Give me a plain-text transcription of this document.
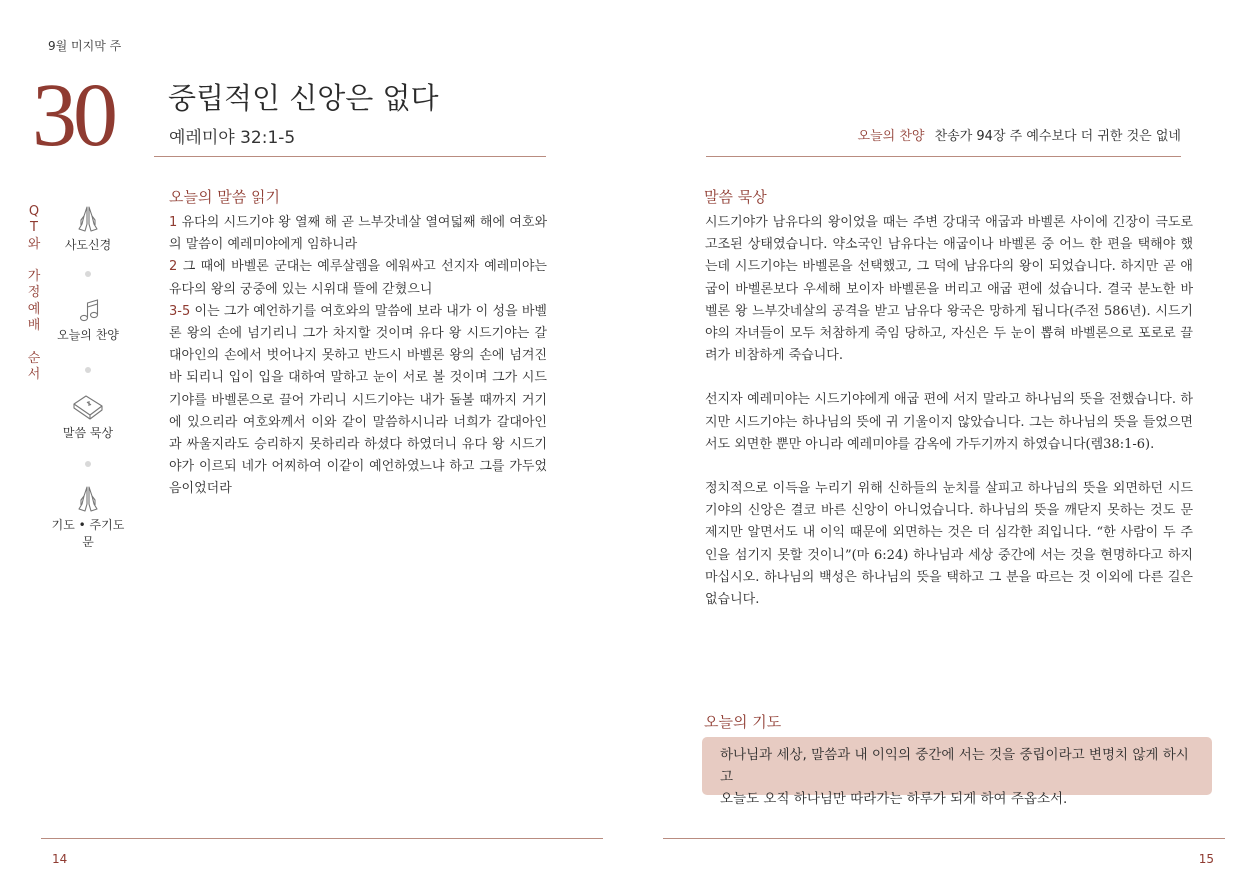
9월 미지막 주
30 중립적인 신앙은 없다
예레미야 32:1-5	오늘의 찬양 찬송가 94장 주 예수보다 더 귀한 것은 없네
Q
T
와
가
정
예
배
순
서
사도신경
오늘의 찬양
말씀 묵상
기도 • 주기도문
오늘의 말씀 읽기
1 유다의 시드기야 왕 열째 해 곧 느부갓네살 열여덟째 해에 여호와의 말씀이 예레미야에게 임하니라
2 그 때에 바벨론 군대는 예루살렘을 에워싸고 선지자 예레미야는 유다의 왕의 궁중에 있는 시위대 뜰에 갇혔으니
3-5 이는 그가 예언하기를 여호와의 말씀에 보라 내가 이 성을 바벨론 왕의 손에 넘기리니 그가 차지할 것이며 유다 왕 시드기야는 갈대아인의 손에서 벗어나지 못하고 반드시 바벨론 왕의 손에 넘겨진 바 되리니 입이 입을 대하여 말하고 눈이 서로 볼 것이며 그가 시드기야를 바벨론으로 끌어 가리니 시드기야는 내가 돌볼 때까지 거기에 있으리라 여호와께서 이와 같이 말씀하시니라 너희가 갈대아인과 싸울지라도 승리하지 못하리라 하셨다 하였더니 유다 왕 시드기야가 이르되 네가 어찌하여 이같이 예언하였느냐 하고 그를 가두었음이었더라
말씀 묵상

시드기야가 남유다의 왕이었을 때는 주변 강대국 애굽과 바벨론 사이에 긴장이 극도로 고조된 상태였습니다. 약소국인 남유다는 애굽이나 바벨론 중 어느 한 편을 택해야 했는데 시드기야는 바벨론을 선택했고, 그 덕에 남유다의 왕이 되었습니다. 하지만 곧 애굽이 바벨론보다 우세해 보이자 바벨론을 버리고 애굽 편에 섰습니다. 결국 분노한 바벨론 왕 느부갓네살의 공격을 받고 남유다 왕국은 망하게 됩니다(주전 586년). 시드기야의 자녀들이 모두 처참하게 죽임 당하고, 자신은 두 눈이 뽑혀 바벨론으로 포로로 끌려가 비참하게 죽습니다.

선지자 예레미야는 시드기야에게 애굽 편에 서지 말라고 하나님의 뜻을 전했습니다. 하지만 시드기야는 하나님의 뜻에 귀 기울이지 않았습니다. 그는 하나님의 뜻을 들었으면서도 외면한 뿐만 아니라 예레미야를 감옥에 가두기까지 하였습니다(렘38:1-6).

정치적으로 이득을 누리기 위해 신하들의 눈치를 살피고 하나님의 뜻을 외면하던 시드기야의 신앙은 결코 바른 신앙이 아니었습니다. 하나님의 뜻을 깨닫지 못하는 것도 문제지만 알면서도 내 이익 때문에 외면하는 것은 더 심각한 죄입니다. “한 사람이 두 주인을 섬기지 못할 것이니”(마 6:24) 하나님과 세상 중간에 서는 것을 현명하다고 하지 마십시오. 하나님의 백성은 하나님의 뜻을 택하고 그 분을 따르는 것 이외에 다른 길은 없습니다.

오늘의 기도
하나님과 세상, 말씀과 내 이익의 중간에 서는 것을 중립이라고 변명치 않게 하시고
오늘도 오직 하나님만 따라가는 하루가 되게 하여 주옵소서.
14	15
